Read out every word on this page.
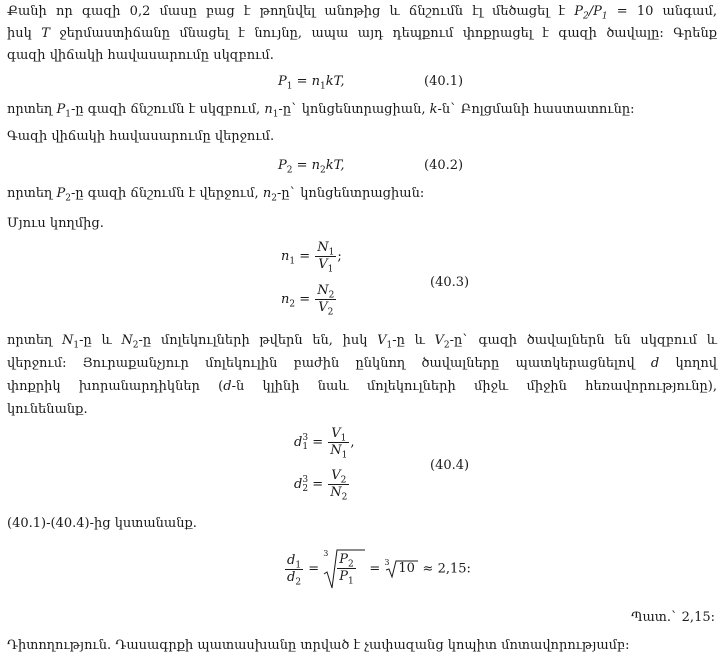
Քանի որ գազի 0,2 մասը բաց է թողնվել անոթից և ճնշումն էլ մեծացել է $P_2/P_1 = 10$ անգամ,
իսկ T ջերմաստիճանը մնացել է նույնը, ապա այդ դեպքում փոքրացել է գազի ծավալը: Գրենք
գազի վիճակի հավասարումը սկզբում.
$P_1 = n_1kT$,	(40.1)
որտեղ $P_1-ը$ գազի ճնշումն է սկզբում, $n_1-ը`$ կոնցենտրացիան, k-ն` Բոլցմանի հաստատունը:
Գազի վիճակի հավասարումը վերջում.
$P_2 = n_2kT$,	(40.2)
որտեղ $P_2-ը$ գազի ճնշումն է վերջում, $n_2-ը`$ կոնցենտրացիան:
Մյուս կողմից.
$n_1 = \frac{N_1}{V_1}$ ;
$n_2 = \frac{N_2}{V_2}$
(40.3)
որտեղ $N_1-ը$ և $N_2-ը$ մոլեկուլների թվերն են, իսկ $V_1-ը$ և $V_2-ը`$ գազի ծավալներն են սկզբում և
վերջում: Յուրաքանչյուր մոլեկուլին բաժին ընկնող ծավալները պատկերացնելով d կողով
փոքրիկ խորանարդիկներ (d-ն կլինի նաև մոլեկուլների միջև միջին հեռավորությունը),
կունենանք.
d 3
$1 = \frac{V_1}{N_1}$ ,
d 3
$2 = \frac{V_2}{N_2}$
(40.4)
(40.1)-(40.4)-ից կստանանք.
$\frac{d_1}{d_2}$ =
$3 \frac{P_2}{P_1} = 3$ 10 ≈ 2,15:
Պատ.` 2,15:
Դիտողություն. Դասագրքի պատասխանը տրված է չափազանց կոպիտ մոտավորությամբ:
